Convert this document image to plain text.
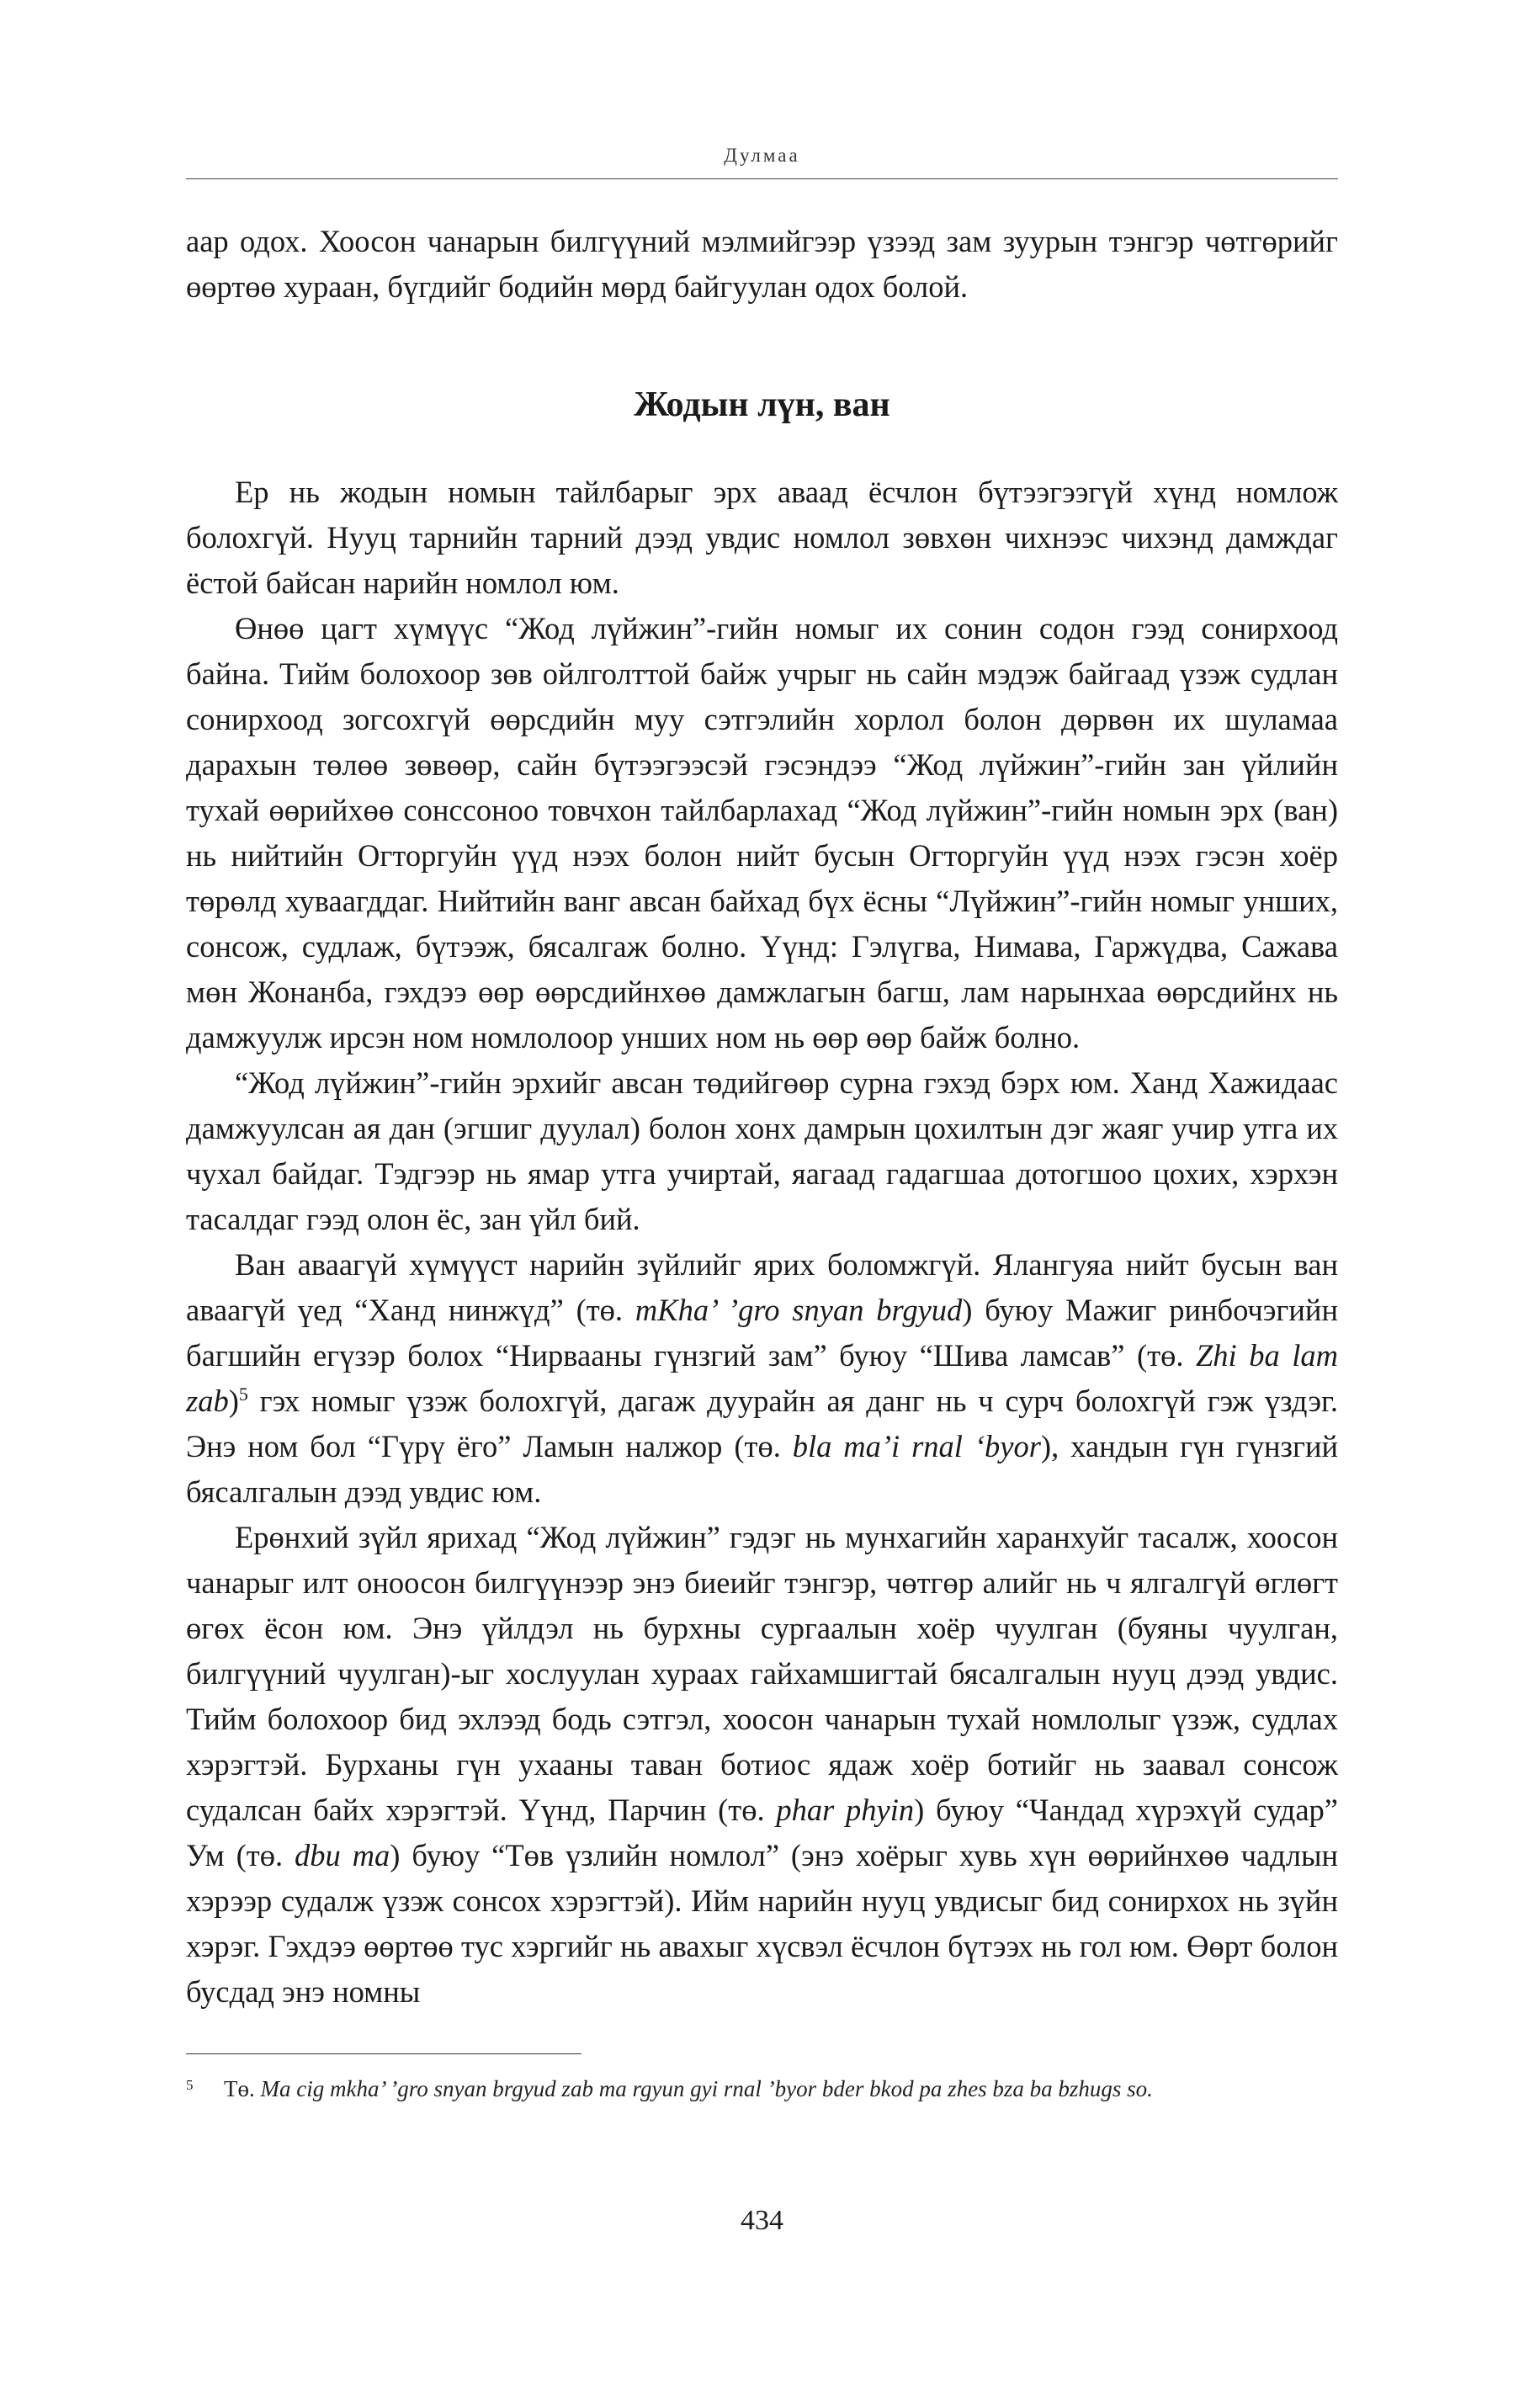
Дулмаа

аар одох. Хоосон чанарын билгүүний мэлмийгээр үзээд зам зуурын тэнгэр чөтгөрийг өөртөө хураан, бүгдийг бодийн мөрд байгуулан одох болой.

Жодын лүн, ван

Ер нь жодын номын тайлбарыг эрх аваад ёсчлон бүтээгээгүй хүнд номлож болохгүй. Нууц тарнийн тарний дээд увдис номлол зөвхөн чихнээс чихэнд дамждаг ёстой байсан нарийн номлол юм.

Өнөө цагт хүмүүс “Жод лүйжин”-гийн номыг их сонин содон гээд сонирхоод байна. Тийм болохоор зөв ойлголттой байж учрыг нь сайн мэдэж байгаад үзэж судлан сонирхоод зогсохгүй өөрсдийн муу сэтгэлийн хорлол болон дөрвөн их шуламаа дарахын төлөө зөвөөр, сайн бүтээгээсэй гэсэндээ “Жод лүйжин”-гийн зан үйлийн тухай өөрийхөө сонссоноо товчхон тайлбарлахад “Жод лүйжин”-гийн номын эрх (ван) нь нийтийн Огторгуйн үүд нээх болон нийт бусын Огторгуйн үүд нээх гэсэн хоёр төрөлд хуваагддаг. Нийтийн ванг авсан байхад бүх ёсны “Лүйжин”-гийн номыг унших, сонсож, судлаж, бүтээж, бясалгаж болно. Үүнд: Гэлүгва, Нимава, Гаржүдва, Сажава мөн Жонанба, гэхдээ өөр өөрсдийнхөө дамжлагын багш, лам нарынхаа өөрсдийнх нь дамжуулж ирсэн ном номлолоор унших ном нь өөр өөр байж болно.

“Жод лүйжин”-гийн эрхийг авсан төдийгөөр сурна гэхэд бэрх юм. Ханд Хажидаас дамжуулсан ая дан (эгшиг дуулал) болон хонх дамрын цохилтын дэг жаяг учир утга их чухал байдаг. Тэдгээр нь ямар утга учиртай, яагаад гадагшаа дотогшоо цохих, хэрхэн тасалдаг гээд олон ёс, зан үйл бий.

Ван аваагүй хүмүүст нарийн зүйлийг ярих боломжгүй. Ялангуяа нийт бусын ван аваагүй үед “Ханд нинжүд” (тө. mKha’ ’gro snyan brgyud) буюу Мажиг ринбочэгийн багшийн егүзэр болох “Нирвааны гүнзгий зам” буюу “Шива ламсав” (тө. Zhi ba lam zab)$^5$ гэх номыг үзэж болохгүй, дагаж дуурайн ая данг нь ч сурч болохгүй гэж үздэг. Энэ ном бол “Гүрү ёго” Ламын налжор (тө. bla ma’i rnal ‘byor), хандын гүн гүнзгий бясалгалын дээд увдис юм.

Ерөнхий зүйл ярихад “Жод лүйжин” гэдэг нь мунхагийн харанхуйг тасалж, хоосон чанарыг илт оноосон билгүүнээр энэ биеийг тэнгэр, чөтгөр алийг нь ч ялгалгүй өглөгт өгөх ёсон юм. Энэ үйлдэл нь бурхны сургаалын хоёр чуулган (буяны чуулган, билгүүний чуулган)-ыг хослуулан хураах гайхамшигтай бясалгалын нууц дээд увдис. Тийм болохоор бид эхлээд бодь сэтгэл, хоосон чанарын тухай номлолыг үзэж, судлах хэрэгтэй. Бурханы гүн ухааны таван ботиос ядаж хоёр ботийг нь заавал сонсож судалсан байх хэрэгтэй. Үүнд, Парчин (тө. phar phyin) буюу “Чандад хүрэхүй судар” Ум (тө. dbu ma) буюу “Төв үзлийн номлол” (энэ хоёрыг хувь хүн өөрийнхөө чадлын хэрээр судалж үзэж сонсох хэрэгтэй). Ийм нарийн нууц увдисыг бид сонирхох нь зүйн хэрэг. Гэхдээ өөртөө тус хэргийг нь авахыг хүсвэл ёсчлон бүтээх нь гол юм. Өөрт болон бусдад энэ номны

5 Тө. Ma cig mkha’ ’gro snyan brgyud zab ma rgyun gyi rnal ’byor bder bkod pa zhes bza ba bzhugs so.
434
